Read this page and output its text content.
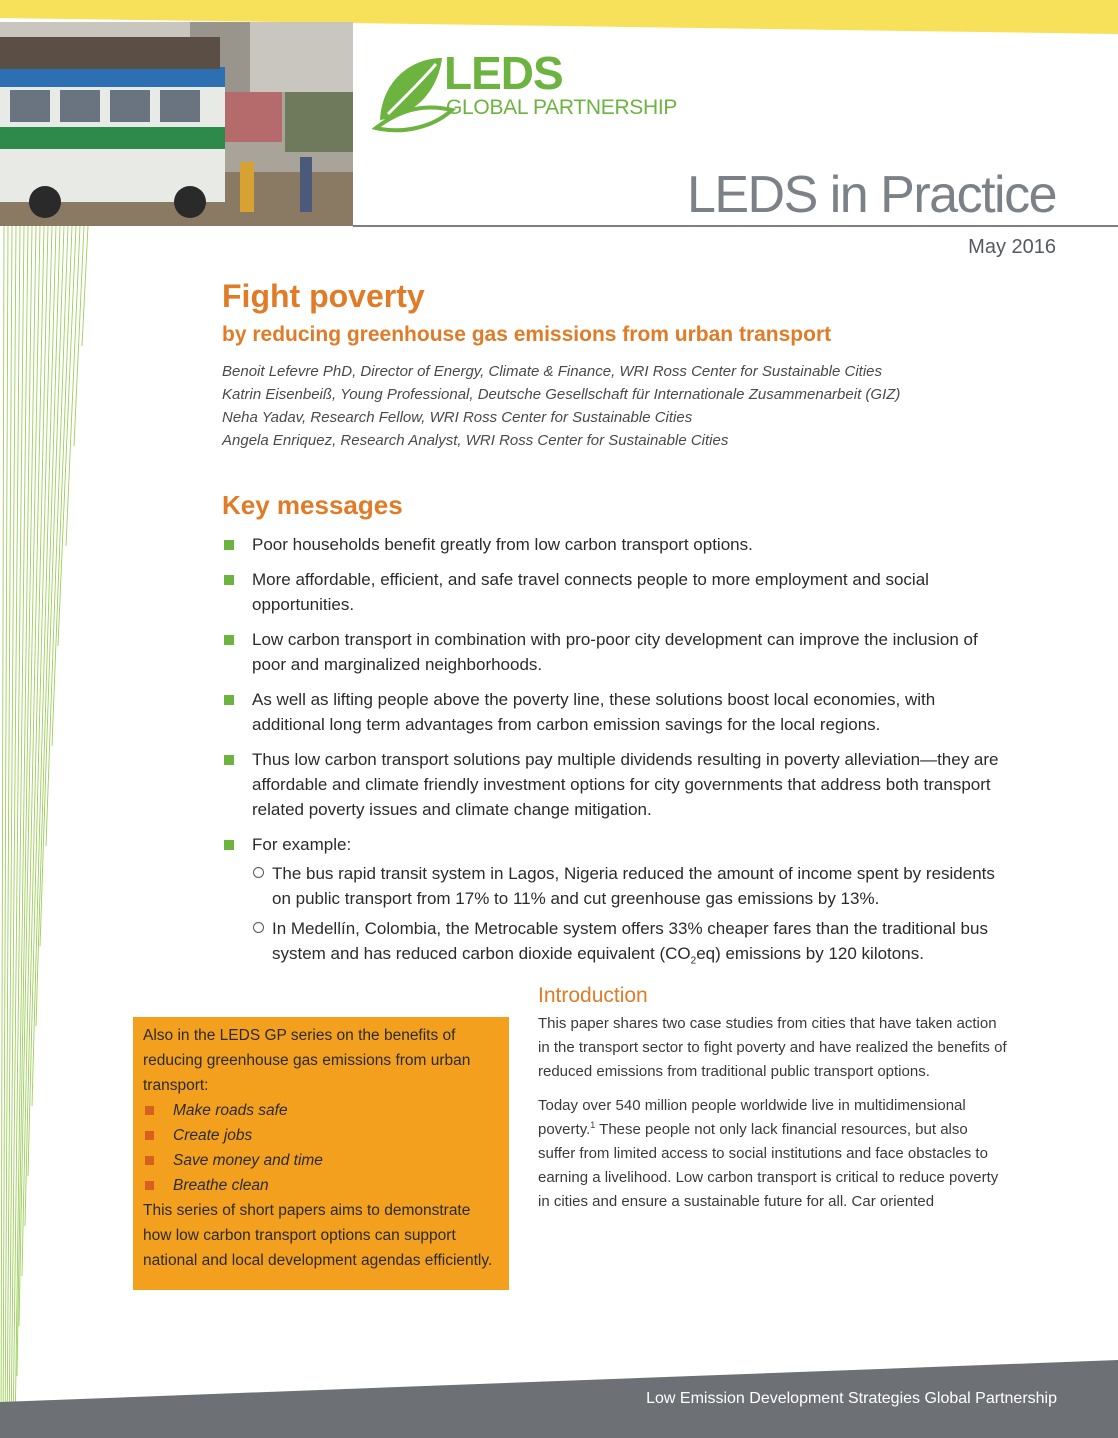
LEDS
GLOBAL PARTNERSHIP
LEDS in Practice
May 2016
Fight poverty
by reducing greenhouse gas emissions from urban transport
Benoit Lefevre PhD, Director of Energy, Climate & Finance, WRI Ross Center for Sustainable Cities
Katrin Eisenbeiß, Young Professional, Deutsche Gesellschaft für Internationale Zusammenarbeit (GIZ)
Neha Yadav, Research Fellow, WRI Ross Center for Sustainable Cities
Angela Enriquez, Research Analyst, WRI Ross Center for Sustainable Cities
Key messages
Poor households benefit greatly from low carbon transport options.
More affordable, efficient, and safe travel connects people to more employment and social opportunities.
Low carbon transport in combination with pro-poor city development can improve the inclusion of poor and marginalized neighborhoods.
As well as lifting people above the poverty line, these solutions boost local economies, with additional long term advantages from carbon emission savings for the local regions.
Thus low carbon transport solutions pay multiple dividends resulting in poverty alleviation—they are affordable and climate friendly investment options for city governments that address both transport related poverty issues and climate change mitigation.
For example:
The bus rapid transit system in Lagos, Nigeria reduced the amount of income spent by residents on public transport from 17% to 11% and cut greenhouse gas emissions by 13%.
In Medellín, Colombia, the Metrocable system offers 33% cheaper fares than the traditional bus system and has reduced carbon dioxide equivalent $(CO_2eq)$ emissions by 120 kilotons.
Also in the LEDS GP series on the benefits of reducing greenhouse gas emissions from urban transport:
Make roads safe
Create jobs
Save money and time
Breathe clean
This series of short papers aims to demonstrate how low carbon transport options can support national and local development agendas efficiently.
Introduction

This paper shares two case studies from cities that have taken action in the transport sector to fight poverty and have realized the benefits of reduced emissions from traditional public transport options.

Today over 540 million people worldwide live in multidimensional poverty.$^1$ These people not only lack financial resources, but also suffer from limited access to social institutions and face obstacles to earning a livelihood. Low carbon transport is critical to reduce poverty in cities and ensure a sustainable future for all. Car oriented

Low Emission Development Strategies Global Partnership
